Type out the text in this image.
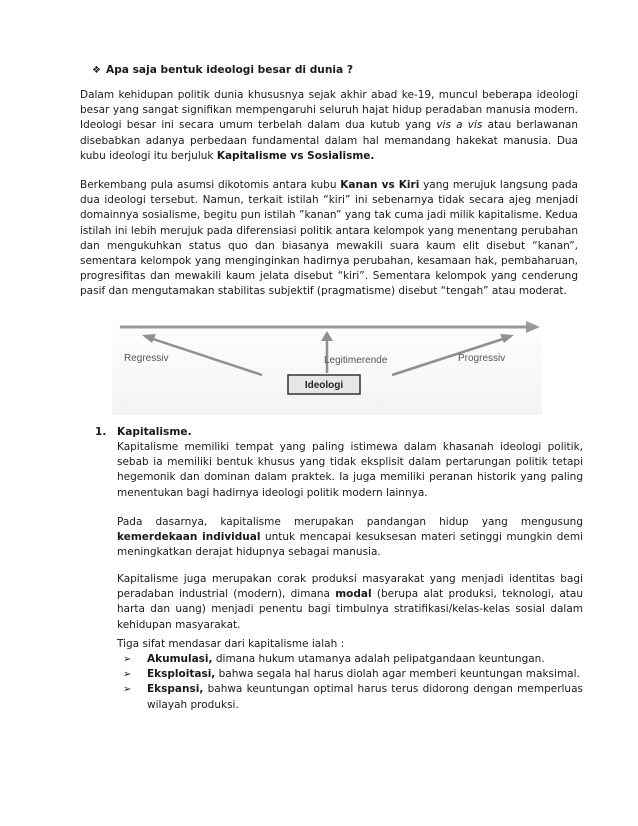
❖ Apa saja bentuk ideologi besar di dunia ?
Dalam kehidupan politik dunia khususnya sejak akhir abad ke-19, muncul beberapa ideologi besar yang sangat signifikan mempengaruhi seluruh hajat hidup peradaban manusia modern. Ideologi besar ini secara umum terbelah dalam dua kutub yang vis a vis atau berlawanan disebabkan adanya perbedaan fundamental dalam hal memandang hakekat manusia. Dua kubu ideologi itu berjuluk Kapitalisme vs Sosialisme.
Berkembang pula asumsi dikotomis antara kubu Kanan vs Kiri yang merujuk langsung pada dua ideologi tersebut. Namun, terkait istilah “kiri” ini sebenarnya tidak secara ajeg menjadi domainnya sosialisme, begitu pun istilah ”kanan” yang tak cuma jadi milik kapitalisme. Kedua istilah ini lebih merujuk pada diferensiasi politik antara kelompok yang menentang perubahan dan mengukuhkan status quo dan biasanya mewakili suara kaum elit disebut “kanan”, sementara kelompok yang menginginkan hadirnya perubahan, kesamaan hak, pembaharuan, progresifitas dan mewakili kaum jelata disebut “kiri”. Sementara kelompok yang cenderung pasif dan mengutamakan stabilitas subjektif (pragmatisme) disebut “tengah” atau moderat.
Regressiv	Legitimerende	Progressiv
Ideologi
1. Kapitalisme.
Kapitalisme memiliki tempat yang paling istimewa dalam khasanah ideologi politik, sebab ia memiliki bentuk khusus yang tidak eksplisit dalam pertarungan politik tetapi hegemonik dan dominan dalam praktek. Ia juga memiliki peranan historik yang paling menentukan bagi hadirnya ideologi politik modern lainnya.
Pada dasarnya, kapitalisme merupakan pandangan hidup yang mengusung kemerdekaan individual untuk mencapai kesuksesan materi setinggi mungkin demi meningkatkan derajat hidupnya sebagai manusia.
Kapitalisme juga merupakan corak produksi masyarakat yang menjadi identitas bagi peradaban industrial (modern), dimana modal (berupa alat produksi, teknologi, atau harta dan uang) menjadi penentu bagi timbulnya stratifikasi/kelas-kelas sosial dalam kehidupan masyarakat.
Tiga sifat mendasar dari kapitalisme ialah :
➢ Akumulasi, dimana hukum utamanya adalah pelipatgandaan keuntungan.
➢ Eksploitasi, bahwa segala hal harus diolah agar memberi keuntungan maksimal.
➢ Ekspansi, bahwa keuntungan optimal harus terus didorong dengan memperluas wilayah produksi.
